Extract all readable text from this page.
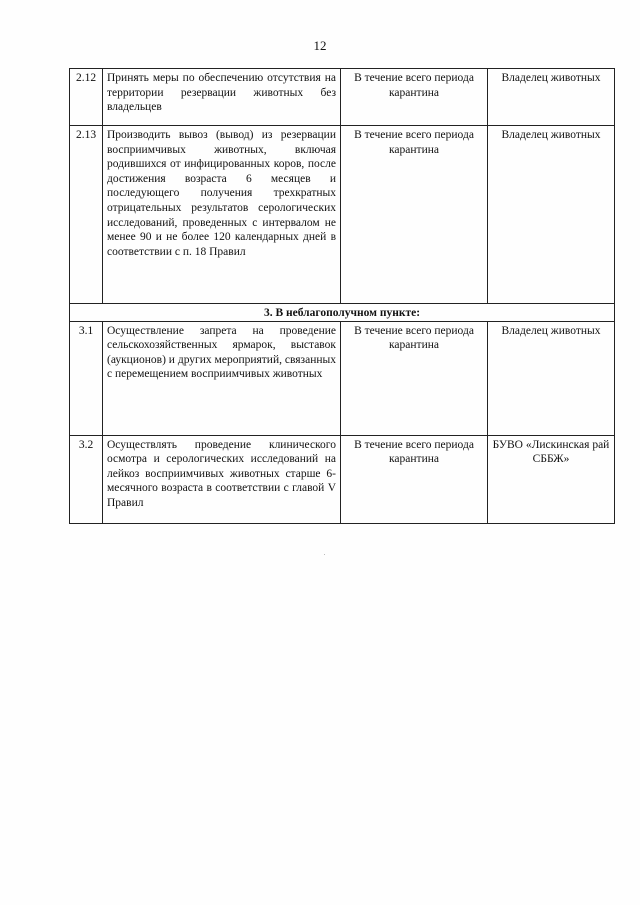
12
2.12	Принять меры по обеспечению отсутствия на территории резервации животных без владельцев	В течение всего периода карантина	Владелец животных
2.13	Производить вывоз (вывод) из резервации восприимчивых животных, включая родившихся от инфицированных коров, после достижения возраста 6 месяцев и последующего получения трехкратных отрицательных результатов серологических исследований, проведенных с интервалом не менее 90 и не более 120 календарных дней в соответствии с п. 18 Правил	В течение всего периода карантина	Владелец животных
3. В неблагополучном пункте:			
3.1	Осуществление запрета на проведение сельскохозяйственных ярмарок, выставок (аукционов) и других мероприятий, связанных с перемещением восприимчивых животных	В течение всего периода карантина	Владелец животных
3.2	Осуществлять проведение клинического осмотра и серологических исследований на лейкоз восприимчивых животных старше 6-месячного возраста в соответствии с главой V Правил	В течение всего периода карантина	БУВО «Лискинская рай СББЖ»
